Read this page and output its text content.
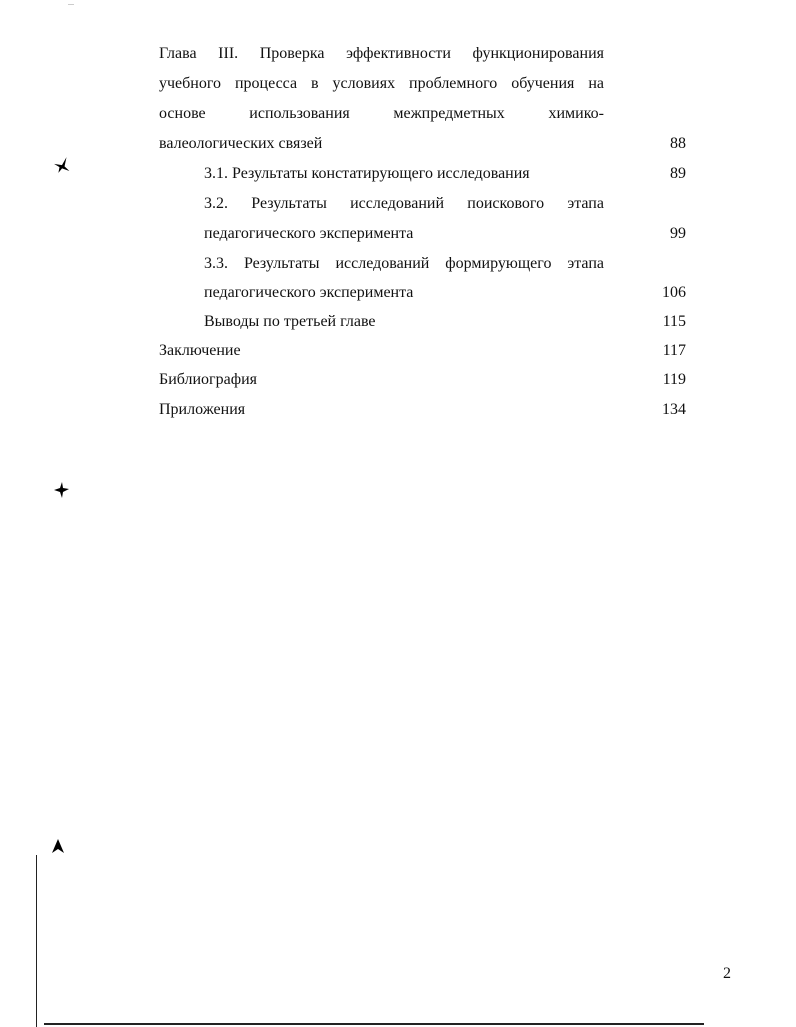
Глава III. Проверка эффективности функционирования
учебного процесса в условиях проблемного обучения на
основе	использования	межпредметных	химико-
валеологических связей	88
3.1. Результаты констатирующего исследования	89
3.2. Результаты исследований поискового этапа
педагогического эксперимента	99
3.3. Результаты исследований формирующего этапа
педагогического эксперимента	106
Выводы по третьей главе	115
Заключение	117
Библиография	119
Приложения	134
2
